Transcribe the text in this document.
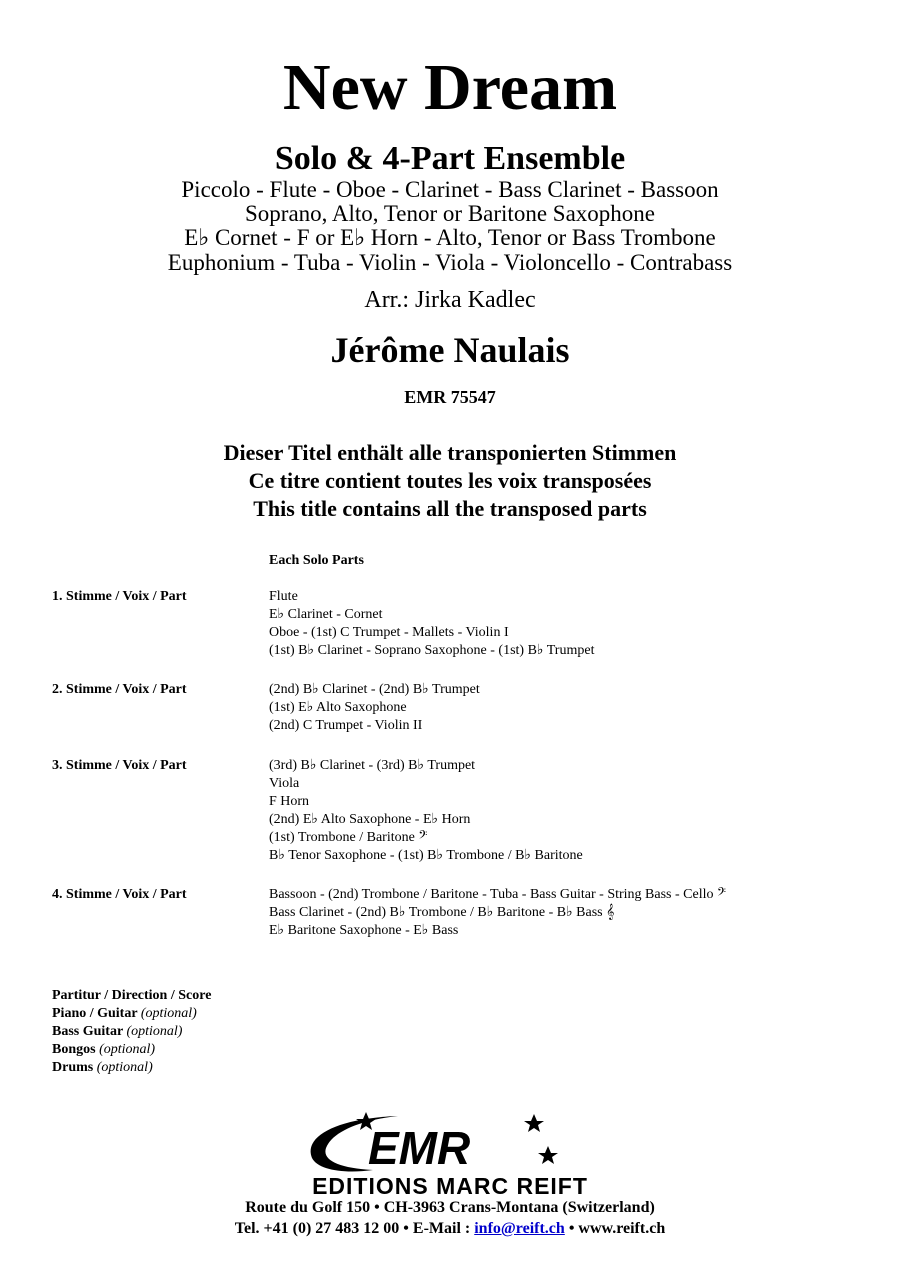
New Dream
Solo & 4-Part Ensemble
Piccolo - Flute - Oboe - Clarinet - Bass Clarinet - Bassoon
Soprano, Alto, Tenor or Baritone Saxophone
E♭ Cornet - F or E♭ Horn - Alto, Tenor or Bass Trombone
Euphonium - Tuba - Violin - Viola - Violoncello - Contrabass
Arr.: Jirka Kadlec
Jérôme Naulais
EMR 75547
Dieser Titel enthält alle transponierten Stimmen
Ce titre contient toutes les voix transposées
This title contains all the transposed parts
Each Solo Parts
1. Stimme / Voix / Part	Flute
E♭ Clarinet - Cornet
Oboe - (1st) C Trumpet - Mallets - Violin I
(1st) B♭ Clarinet - Soprano Saxophone - (1st) B♭ Trumpet
2. Stimme / Voix / Part	(2nd) B♭ Clarinet - (2nd) B♭ Trumpet
(1st) E♭ Alto Saxophone
(2nd) C Trumpet - Violin II
3. Stimme / Voix / Part	(3rd) B♭ Clarinet - (3rd) B♭ Trumpet
Viola
F Horn
(2nd) E♭ Alto Saxophone - E♭ Horn
(1st) Trombone / Baritone 𝄢
B♭ Tenor Saxophone - (1st) B♭ Trombone / B♭ Baritone
4. Stimme / Voix / Part	Bassoon - (2nd) Trombone / Baritone - Tuba - Bass Guitar - String Bass - Cello 𝄢
Bass Clarinet - (2nd) B♭ Trombone / B♭ Baritone - B♭ Bass 𝄞
E♭ Baritone Saxophone - E♭ Bass
Partitur / Direction / Score
Piano / Guitar (optional)
Bass Guitar (optional)
Bongos (optional)
Drums (optional)
EMR
EDITIONS MARC REIFT
Route du Golf 150 • CH-3963 Crans-Montana (Switzerland)
Tel. +41 (0) 27 483 12 00 • E-Mail : info@reift.ch • www.reift.ch
